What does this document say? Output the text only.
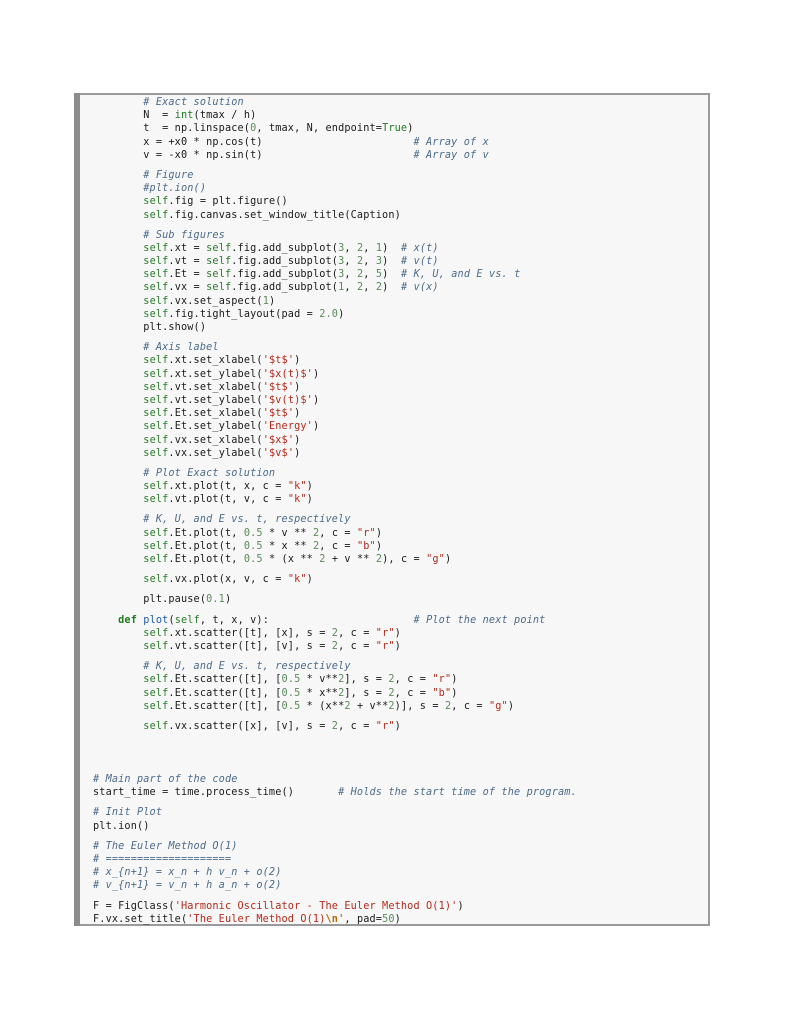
# Exact solution
N  = int(tmax / h)
t  = np.linspace(0, tmax, N, endpoint=True)
x = +x0 * np.cos(t)                        # Array of x
v = -x0 * np.sin(t)                        # Array of v
# Figure
#plt.ion()
self.fig = plt.figure()
self.fig.canvas.set_window_title(Caption)
# Sub figures
self.xt = self.fig.add_subplot(3, 2, 1)  # x(t)
self.vt = self.fig.add_subplot(3, 2, 3)  # v(t)
self.Et = self.fig.add_subplot(3, 2, 5)  # K, U, and E vs. t
self.vx = self.fig.add_subplot(1, 2, 2)  # v(x)
self.vx.set_aspect(1)
self.fig.tight_layout(pad = 2.0)
plt.show()
# Axis label
self.xt.set_xlabel('$t$')
self.xt.set_ylabel('$x(t)$')
self.vt.set_xlabel('$t$')
self.vt.set_ylabel('$v(t)$')
self.Et.set_xlabel('$t$')
self.Et.set_ylabel('Energy')
self.vx.set_xlabel('$x$')
self.vx.set_ylabel('$v$')
# Plot Exact solution
self.xt.plot(t, x, c = "k")
self.vt.plot(t, v, c = "k")
# K, U, and E vs. t, respectively
self.Et.plot(t, 0.5 * v ** 2, c = "r")
self.Et.plot(t, 0.5 * x ** 2, c = "b")
self.Et.plot(t, 0.5 * (x ** 2 + v ** 2), c = "g")
self.vx.plot(x, v, c = "k")
plt.pause(0.1)
def plot(self, t, x, v):                       # Plot the next point
self.xt.scatter([t], [x], s = 2, c = "r")
self.vt.scatter([t], [v], s = 2, c = "r")
# K, U, and E vs. t, respectively
self.Et.scatter([t], [0.5 * v**2], s = 2, c = "r")
self.Et.scatter([t], [0.5 * x**2], s = 2, c = "b")
self.Et.scatter([t], [0.5 * (x**2 + v**2)], s = 2, c = "g")
self.vx.scatter([x], [v], s = 2, c = "r")
# Main part of the code
start_time = time.process_time()       # Holds the start time of the program.
# Init Plot
plt.ion()
# The Euler Method O(1)
# ====================
# x_{n+1} = x_n + h v_n + o(2)
# v_{n+1} = v_n + h a_n + o(2)
F = FigClass('Harmonic Oscillator - The Euler Method O(1)')
F.vx.set_title('The Euler Method O(1)\n', pad=50)
